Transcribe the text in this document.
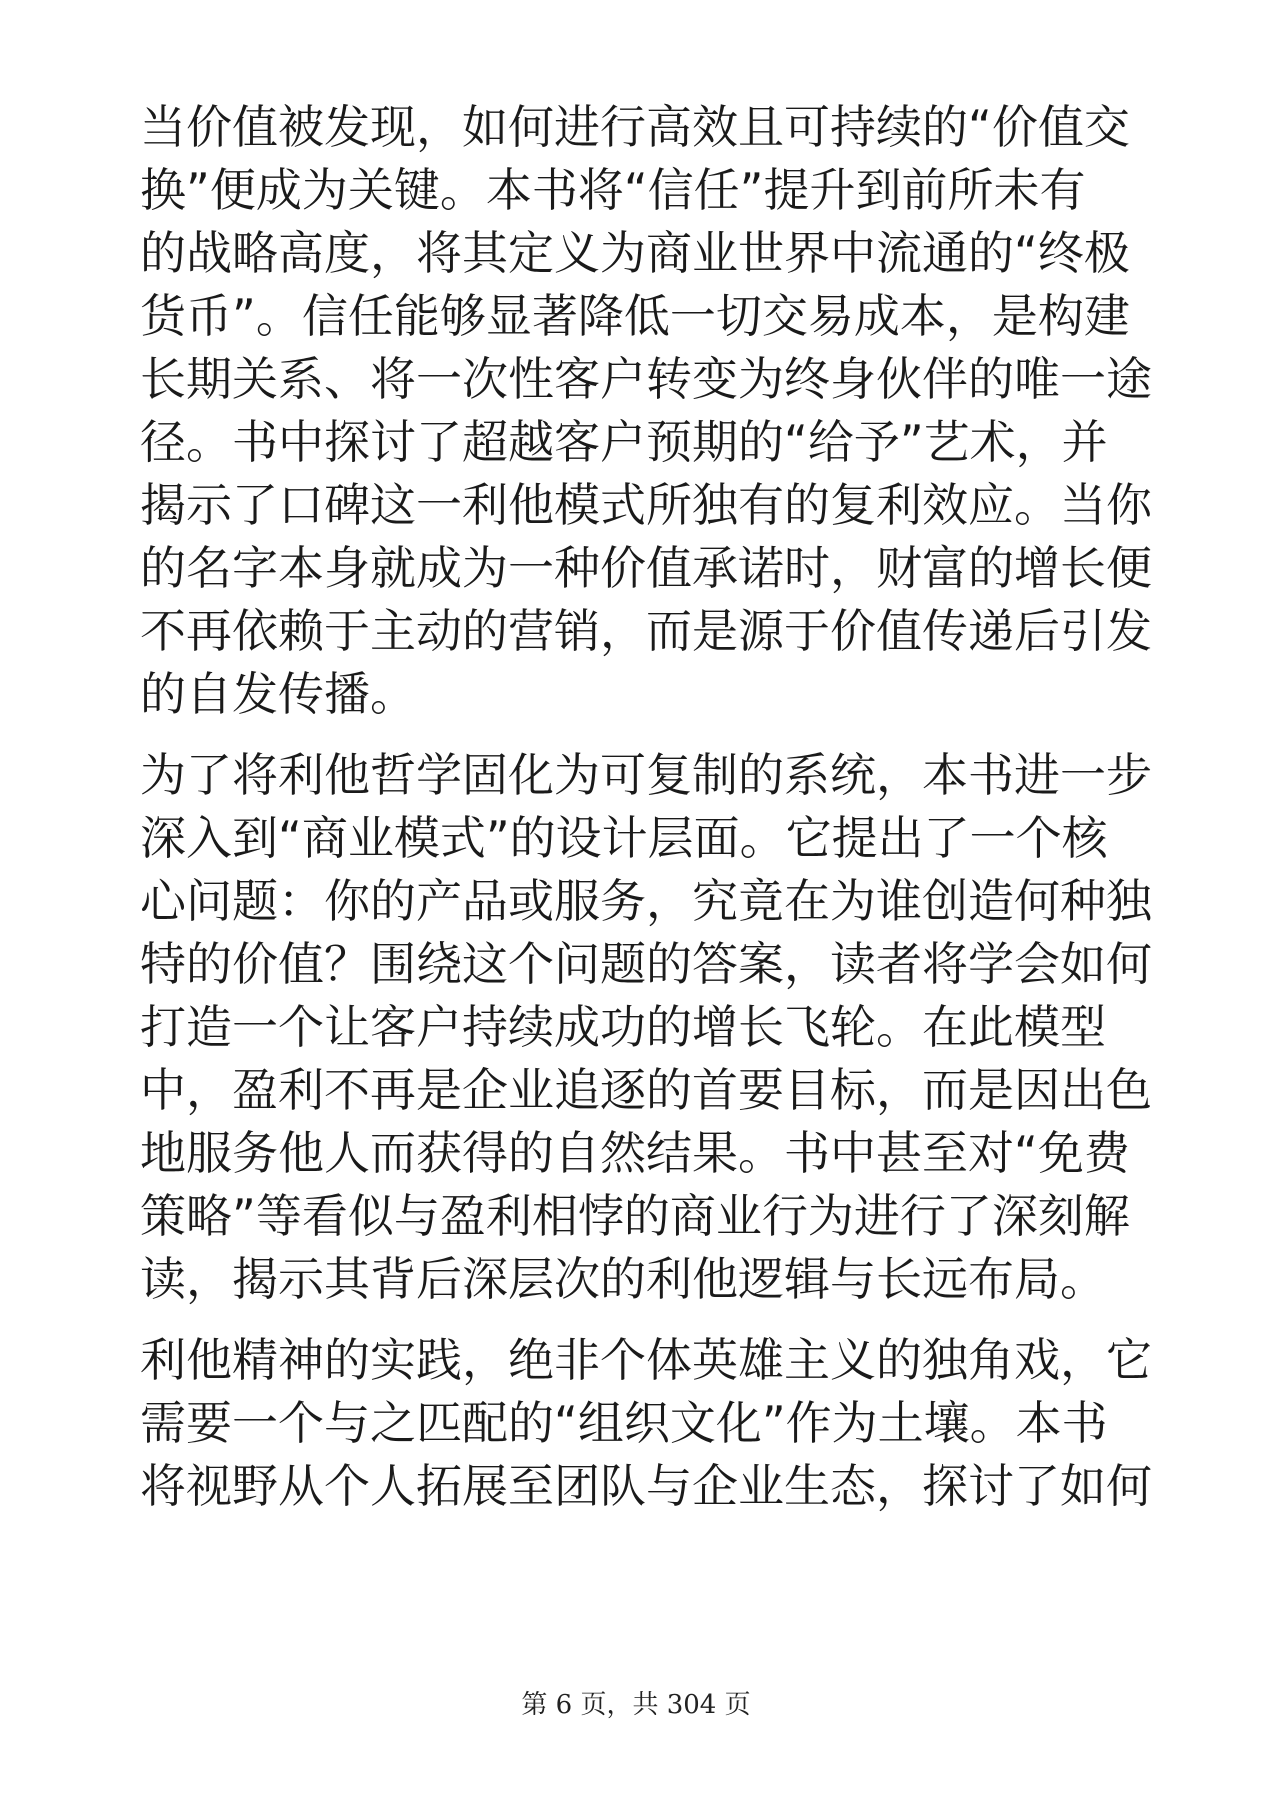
当价值被发现，如何进行高效且可持续的“价值交
换”便成为关键。本书将“信任”提升到前所未有
的战略高度，将其定义为商业世界中流通的“终极
货币”。信任能够显著降低一切交易成本，是构建
长期关系、将一次性客户转变为终身伙伴的唯一途
径。书中探讨了超越客户预期的“给予”艺术，并
揭示了口碑这一利他模式所独有的复利效应。当你
的名字本身就成为一种价值承诺时，财富的增长便
不再依赖于主动的营销，而是源于价值传递后引发
的自发传播。
为了将利他哲学固化为可复制的系统，本书进一步
深入到“商业模式”的设计层面。它提出了一个核
心问题：你的产品或服务，究竟在为谁创造何种独
特的价值？围绕这个问题的答案，读者将学会如何
打造一个让客户持续成功的增长飞轮。在此模型
中，盈利不再是企业追逐的首要目标，而是因出色
地服务他人而获得的自然结果。书中甚至对“免费
策略”等看似与盈利相悖的商业行为进行了深刻解
读，揭示其背后深层次的利他逻辑与长远布局。
利他精神的实践，绝非个体英雄主义的独角戏，它
需要一个与之匹配的“组织文化”作为土壤。本书
将视野从个人拓展至团队与企业生态，探讨了如何
第 6 页，共 304 页
